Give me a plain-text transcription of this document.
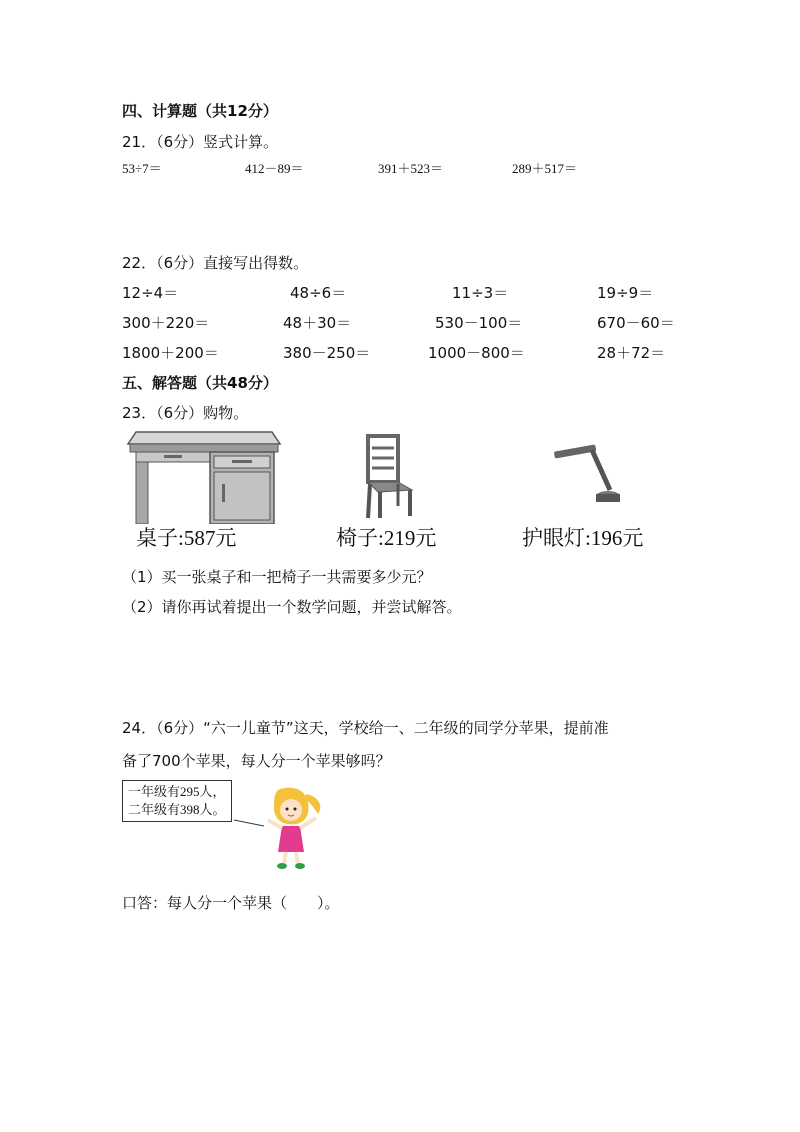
四、计算题（共12分）
21．（6分）竖式计算。
53÷7＝	412－89＝	391＋523＝	289＋517＝
22．（6分）直接写出得数。
12÷4＝	48÷6＝	11÷3＝	19÷9＝
300＋220＝	48＋30＝	530－100＝	670－60＝
1800＋200＝	380－250＝	1000－800＝	28＋72＝
五、解答题（共48分）
23．（6分）购物。
桌子:587元	椅子:219元	护眼灯:196元
（1）买一张桌子和一把椅子一共需要多少元？
（2）请你再试着提出一个数学问题，并尝试解答。
24．（6分）“六一儿童节”这天，学校给一、二年级的同学分苹果，提前准
备了700个苹果，每人分一个苹果够吗？
一年级有295人，
二年级有398人。
口答：每人分一个苹果（　　）。
